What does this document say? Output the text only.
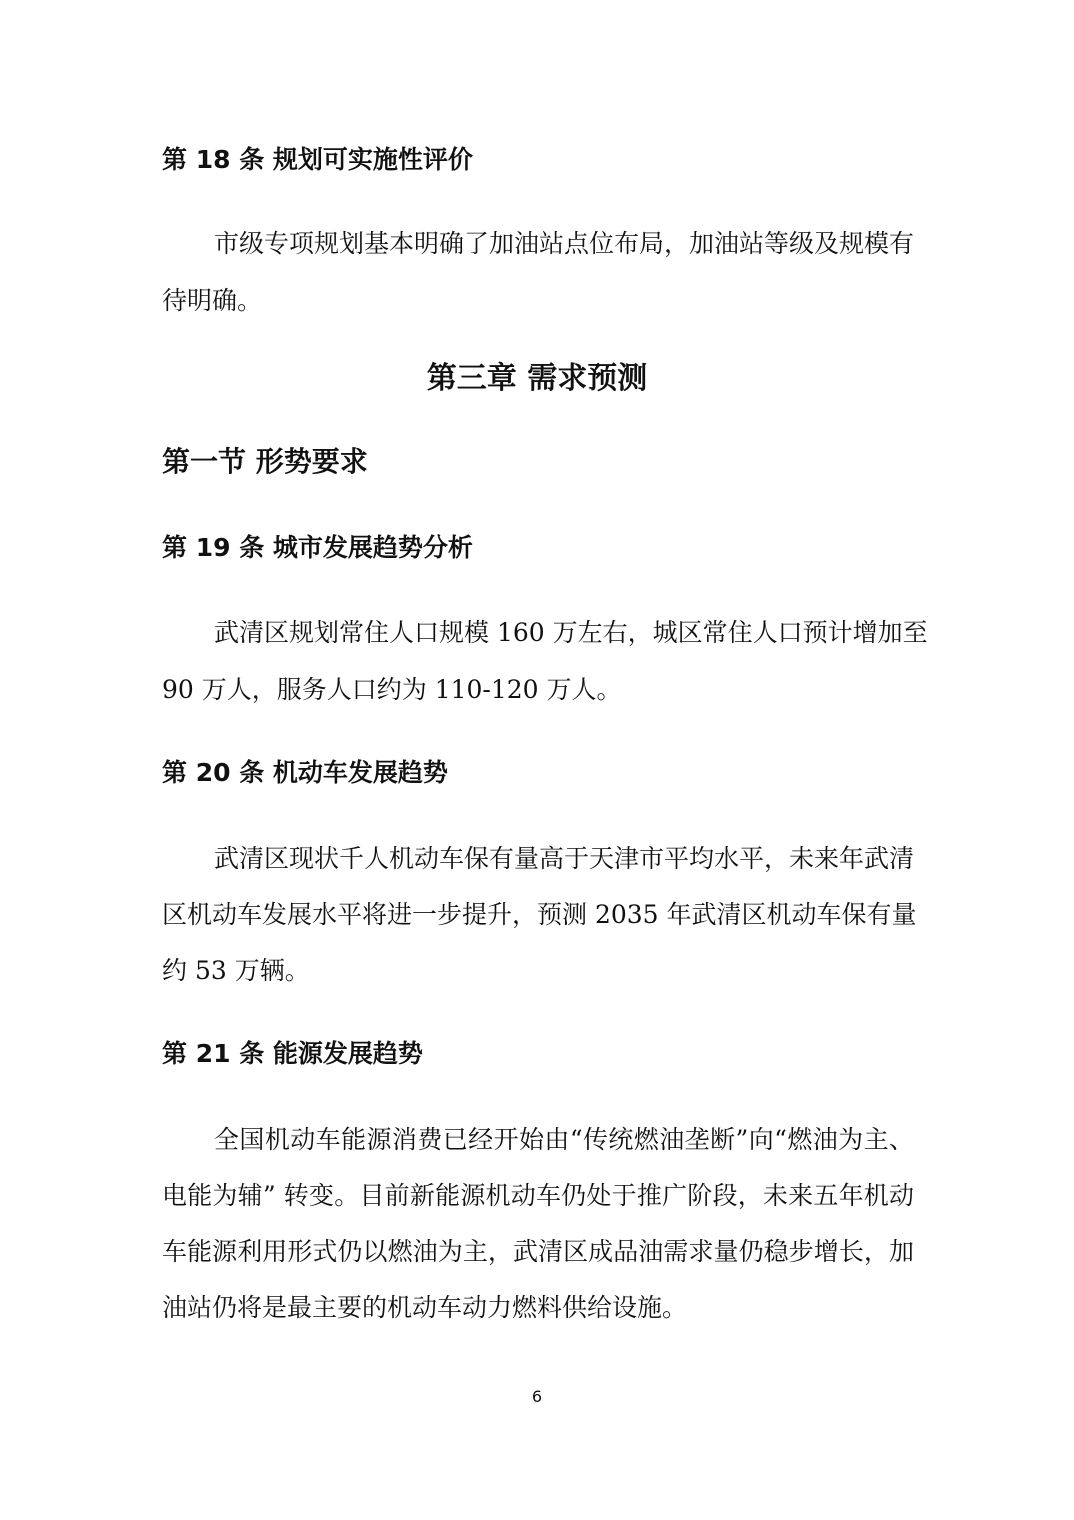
第 18 条 规划可实施性评价
市级专项规划基本明确了加油站点位布局，加油站等级及规模有
待明确。
第三章 需求预测
第一节 形势要求
第 19 条 城市发展趋势分析
武清区规划常住人口规模 160 万左右，城区常住人口预计增加至
90 万人，服务人口约为 110-120 万人。
第 20 条 机动车发展趋势
武清区现状千人机动车保有量高于天津市平均水平，未来年武清
区机动车发展水平将进一步提升，预测 2035 年武清区机动车保有量
约 53 万辆。
第 21 条 能源发展趋势
全国机动车能源消费已经开始由“传统燃油垄断”向“燃油为主、
电能为辅” 转变。目前新能源机动车仍处于推广阶段，未来五年机动
车能源利用形式仍以燃油为主，武清区成品油需求量仍稳步增长，加
油站仍将是最主要的机动车动力燃料供给设施。
6
